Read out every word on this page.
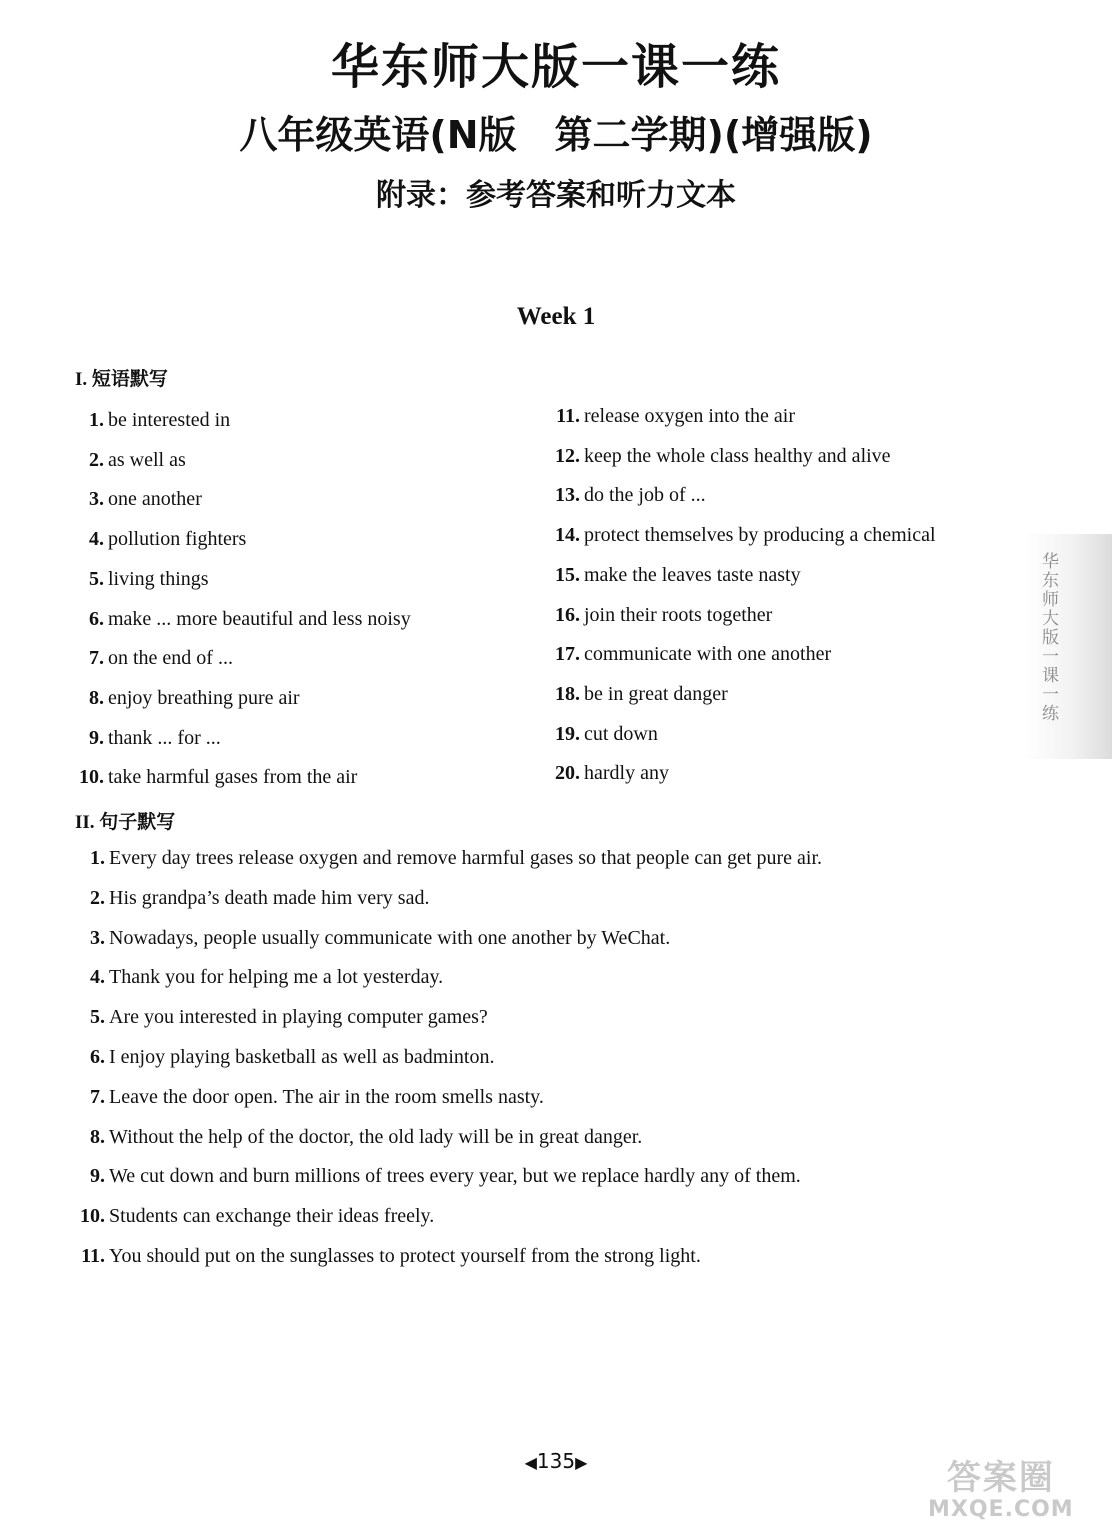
华东师大版一课一练
八年级英语(N版　第二学期)(增强版)
附录：参考答案和听力文本
Week 1
I. 短语默写
1. be interested in
2. as well as
3. one another
4. pollution fighters
5. living things
6. make ... more beautiful and less noisy
7. on the end of ...
8. enjoy breathing pure air
9. thank ... for ...
10. take harmful gases from the air
11. release oxygen into the air
12. keep the whole class healthy and alive
13. do the job of ...
14. protect themselves by producing a chemical
15. make the leaves taste nasty
16. join their roots together
17. communicate with one another
18. be in great danger
19. cut down
20. hardly any
II. 句子默写
1. Every day trees release oxygen and remove harmful gases so that people can get pure air.
2. His grandpa’s death made him very sad.
3. Nowadays, people usually communicate with one another by WeChat.
4. Thank you for helping me a lot yesterday.
5. Are you interested in playing computer games?
6. I enjoy playing basketball as well as badminton.
7. Leave the door open. The air in the room smells nasty.
8. Without the help of the doctor, the old lady will be in great danger.
9. We cut down and burn millions of trees every year, but we replace hardly any of them.
10. Students can exchange their ideas freely.
11. You should put on the sunglasses to protect yourself from the strong light.
华东师大版一课一练
◀135▶	答案圈
MXQE.COM
